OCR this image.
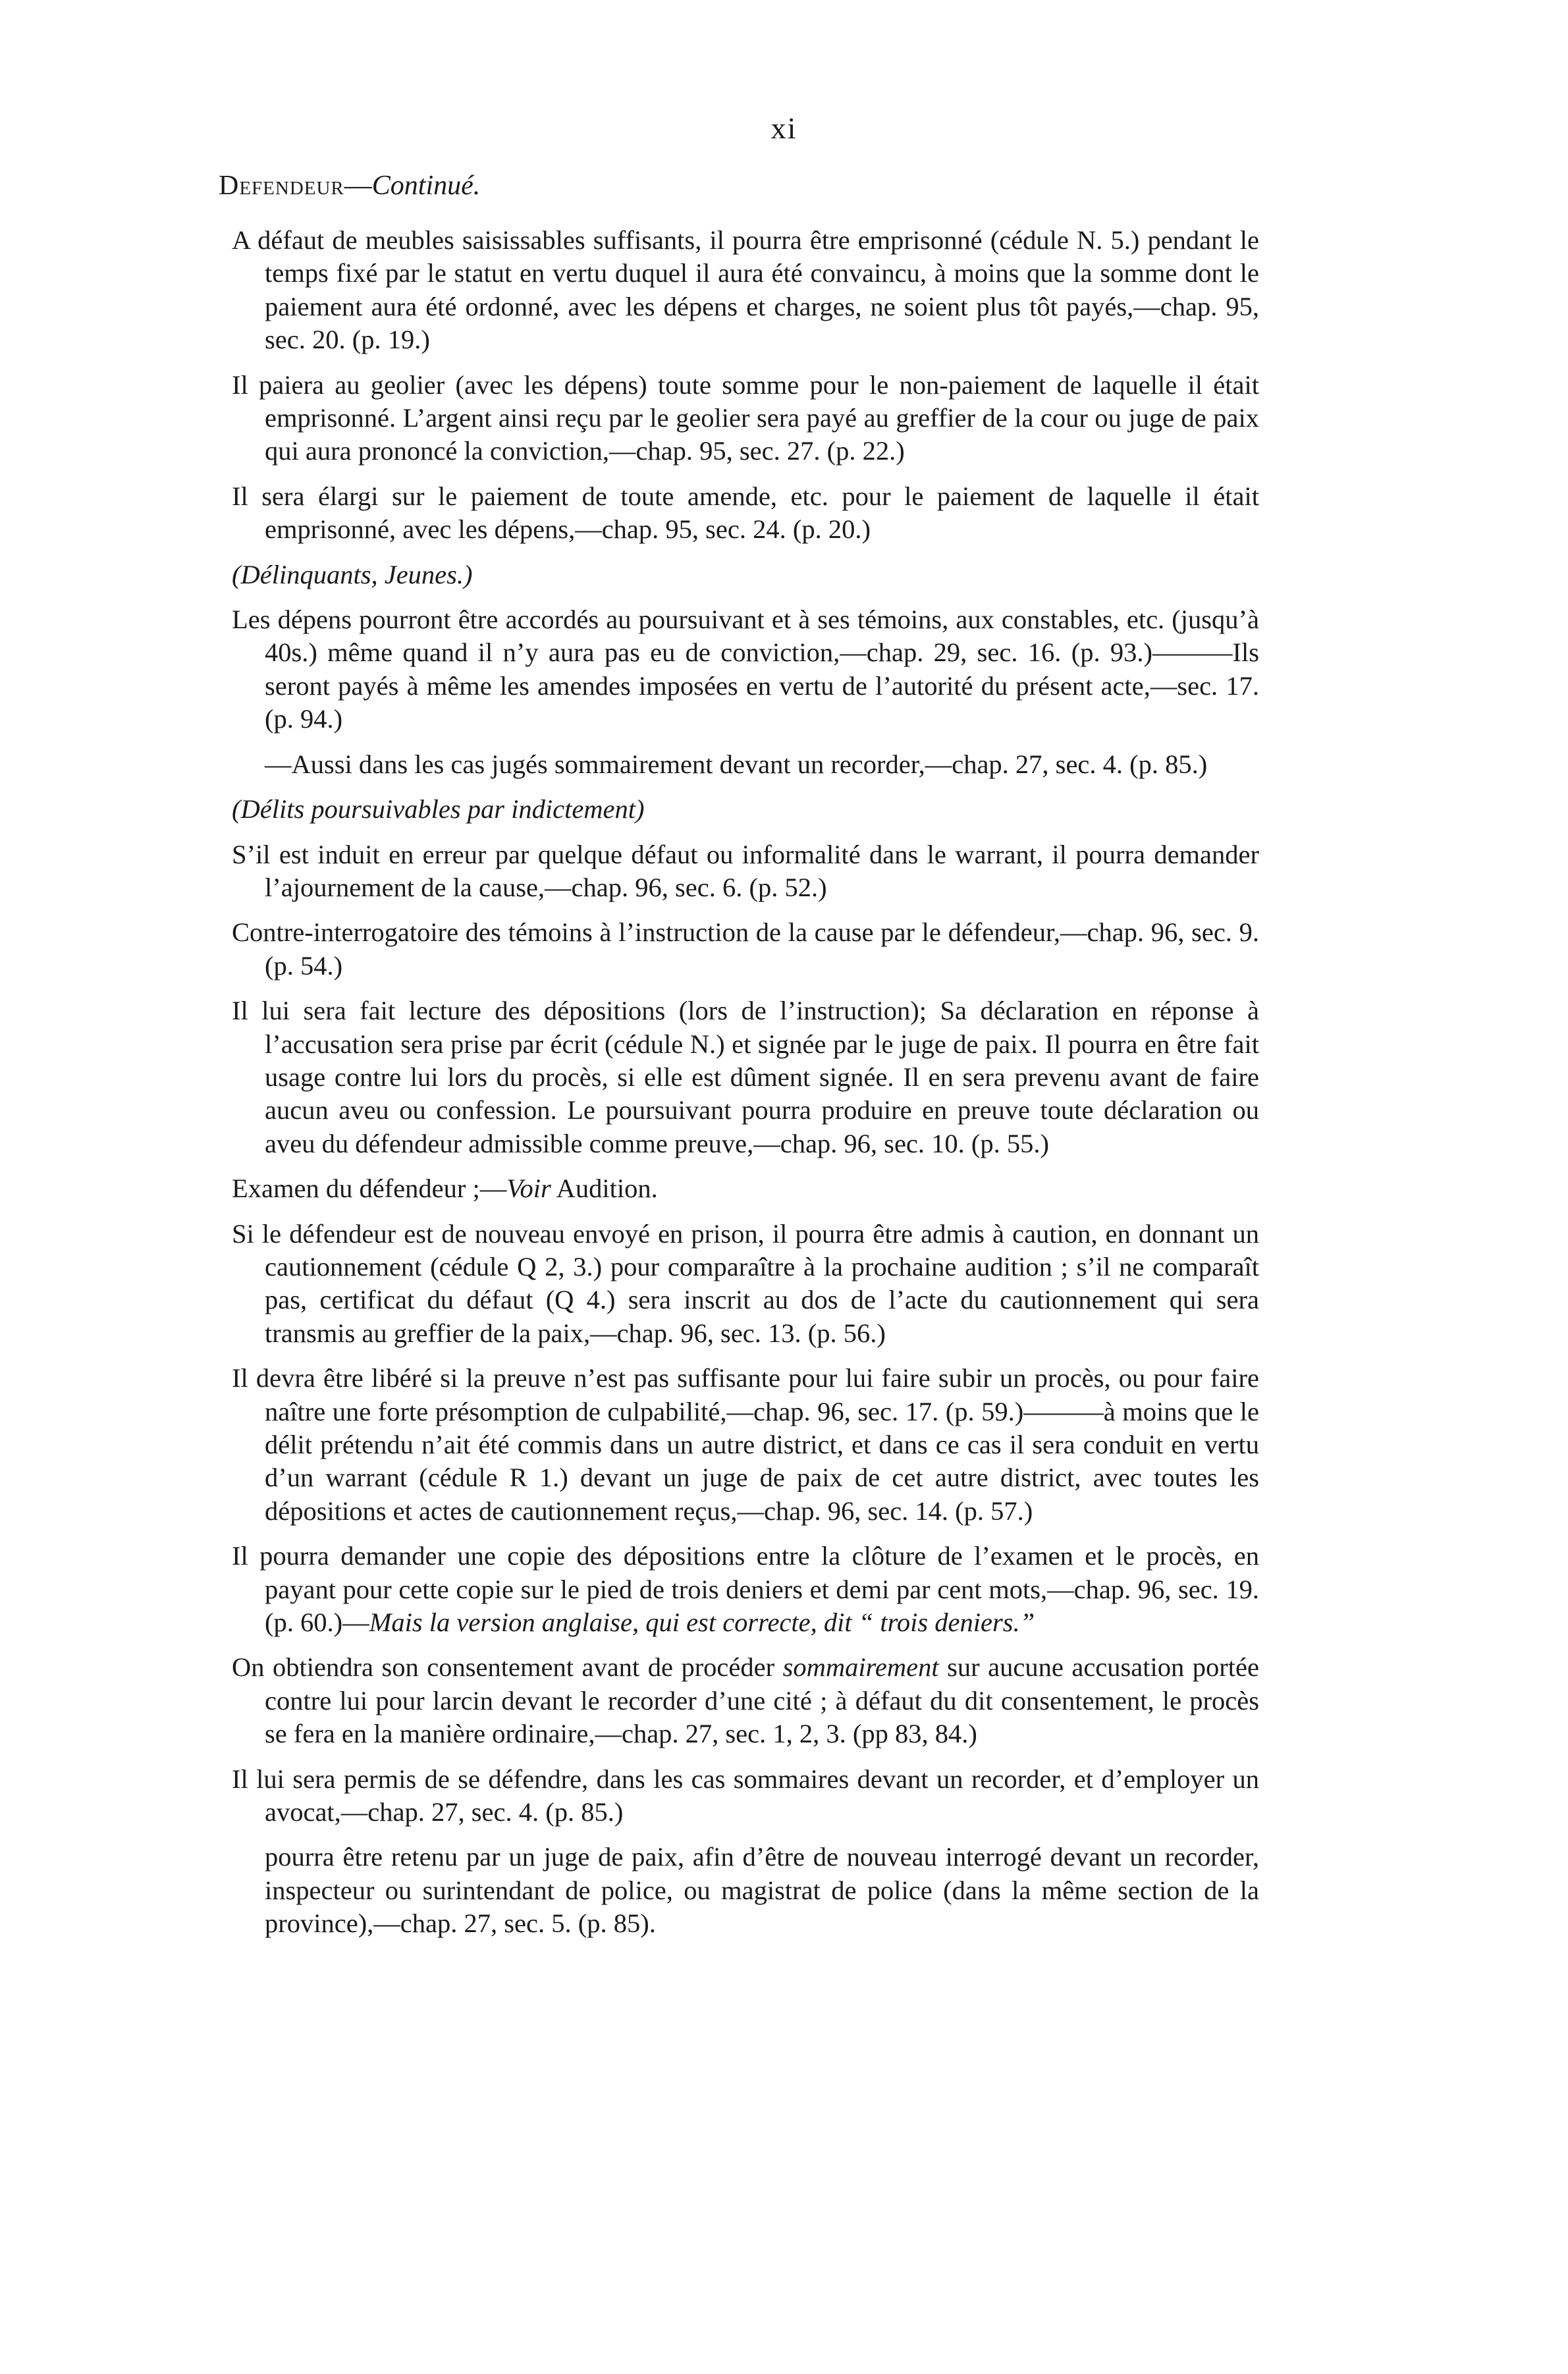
xi
Defendeur—Continué.

A défaut de meubles saisissables suffisants, il pourra être emprisonné (cédule N. 5.) pendant le temps fixé par le statut en vertu duquel il aura été convaincu, à moins que la somme dont le paiement aura été ordonné, avec les dépens et charges, ne soient plus tôt payés,—chap. 95, sec. 20. (p. 19.)

Il paiera au geolier (avec les dépens) toute somme pour le non-paiement de laquelle il était emprisonné. L’argent ainsi reçu par le geolier sera payé au greffier de la cour ou juge de paix qui aura prononcé la conviction,—chap. 95, sec. 27. (p. 22.)

Il sera élargi sur le paiement de toute amende, etc. pour le paiement de laquelle il était emprisonné, avec les dépens,—chap. 95, sec. 24. (p. 20.)

(Délinquants, Jeunes.)

Les dépens pourront être accordés au poursuivant et à ses témoins, aux constables, etc. (jusqu’à 40s.) même quand il n’y aura pas eu de conviction,—chap. 29, sec. 16. (p. 93.)———Ils seront payés à même les amendes imposées en vertu de l’autorité du présent acte,—sec. 17. (p. 94.)

—Aussi dans les cas jugés sommairement devant un recorder,—chap. 27, sec. 4. (p. 85.)

(Délits poursuivables par indictement)

S’il est induit en erreur par quelque défaut ou informalité dans le warrant, il pourra demander l’ajournement de la cause,—chap. 96, sec. 6. (p. 52.)

Contre-interrogatoire des témoins à l’instruction de la cause par le défendeur,—chap. 96, sec. 9. (p. 54.)

Il lui sera fait lecture des dépositions (lors de l’instruction); Sa déclaration en réponse à l’accusation sera prise par écrit (cédule N.) et signée par le juge de paix. Il pourra en être fait usage contre lui lors du procès, si elle est dûment signée. Il en sera prevenu avant de faire aucun aveu ou confession. Le poursuivant pourra produire en preuve toute déclaration ou aveu du défendeur admissible comme preuve,—chap. 96, sec. 10. (p. 55.)

Examen du défendeur ;—Voir Audition.

Si le défendeur est de nouveau envoyé en prison, il pourra être admis à caution, en donnant un cautionnement (cédule Q 2, 3.) pour comparaître à la prochaine audition ; s’il ne comparaît pas, certificat du défaut (Q 4.) sera inscrit au dos de l’acte du cautionnement qui sera transmis au greffier de la paix,—chap. 96, sec. 13. (p. 56.)

Il devra être libéré si la preuve n’est pas suffisante pour lui faire subir un procès, ou pour faire naître une forte présomption de culpabilité,—chap. 96, sec. 17. (p. 59.)———à moins que le délit prétendu n’ait été commis dans un autre district, et dans ce cas il sera conduit en vertu d’un warrant (cédule R 1.) devant un juge de paix de cet autre district, avec toutes les dépositions et actes de cautionnement reçus,—chap. 96, sec. 14. (p. 57.)

Il pourra demander une copie des dépositions entre la clôture de l’examen et le procès, en payant pour cette copie sur le pied de trois deniers et demi par cent mots,—chap. 96, sec. 19. (p. 60.)—Mais la version anglaise, qui est correcte, dit “ trois deniers.”

On obtiendra son consentement avant de procéder sommairement sur aucune accusation portée contre lui pour larcin devant le recorder d’une cité ; à défaut du dit consentement, le procès se fera en la manière ordinaire,—chap. 27, sec. 1, 2, 3. (pp 83, 84.)

Il lui sera permis de se défendre, dans les cas sommaires devant un recorder, et d’employer un avocat,—chap. 27, sec. 4. (p. 85.)

pourra être retenu par un juge de paix, afin d’être de nouveau interrogé devant un recorder, inspecteur ou surintendant de police, ou magistrat de police (dans la même section de la province),—chap. 27, sec. 5. (p. 85).
